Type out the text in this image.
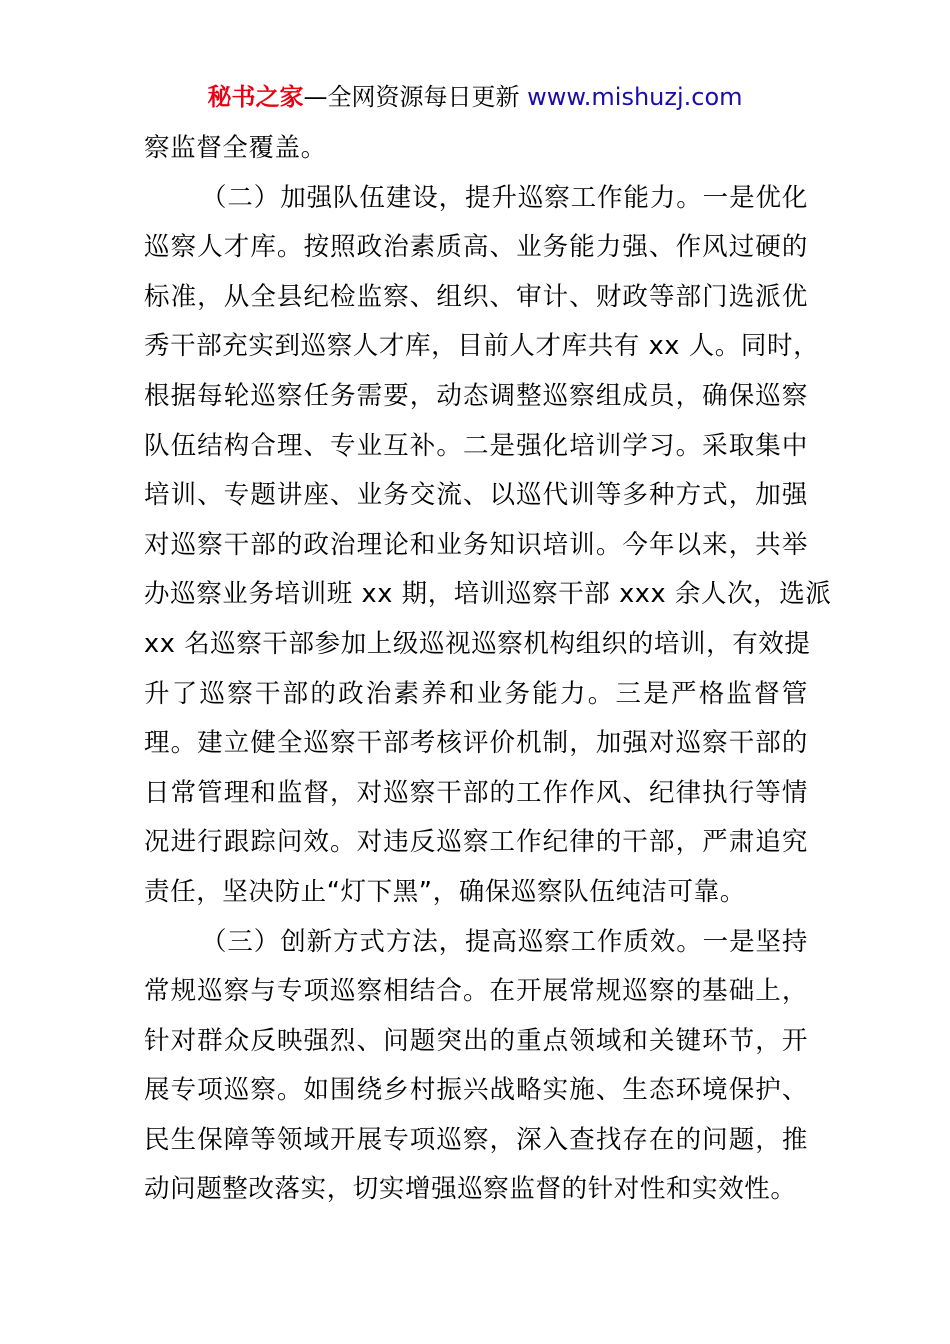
秘书之家—全网资源每日更新 www.mishuzj.com
察监督全覆盖。
（二）加强队伍建设，提升巡察工作能力。一是优化
巡察人才库。按照政治素质高、业务能力强、作风过硬的
标准，从全县纪检监察、组织、审计、财政等部门选派优
秀干部充实到巡察人才库，目前人才库共有 xx 人。同时，
根据每轮巡察任务需要，动态调整巡察组成员，确保巡察
队伍结构合理、专业互补。二是强化培训学习。采取集中
培训、专题讲座、业务交流、以巡代训等多种方式，加强
对巡察干部的政治理论和业务知识培训。今年以来，共举
办巡察业务培训班 xx 期，培训巡察干部 xxx 余人次，选派
xx 名巡察干部参加上级巡视巡察机构组织的培训，有效提
升了巡察干部的政治素养和业务能力。三是严格监督管
理。建立健全巡察干部考核评价机制，加强对巡察干部的
日常管理和监督，对巡察干部的工作作风、纪律执行等情
况进行跟踪问效。对违反巡察工作纪律的干部，严肃追究
责任，坚决防止“灯下黑”，确保巡察队伍纯洁可靠。
（三）创新方式方法，提高巡察工作质效。一是坚持
常规巡察与专项巡察相结合。在开展常规巡察的基础上，
针对群众反映强烈、问题突出的重点领域和关键环节，开
展专项巡察。如围绕乡村振兴战略实施、生态环境保护、
民生保障等领域开展专项巡察，深入查找存在的问题，推
动问题整改落实，切实增强巡察监督的针对性和实效性。
